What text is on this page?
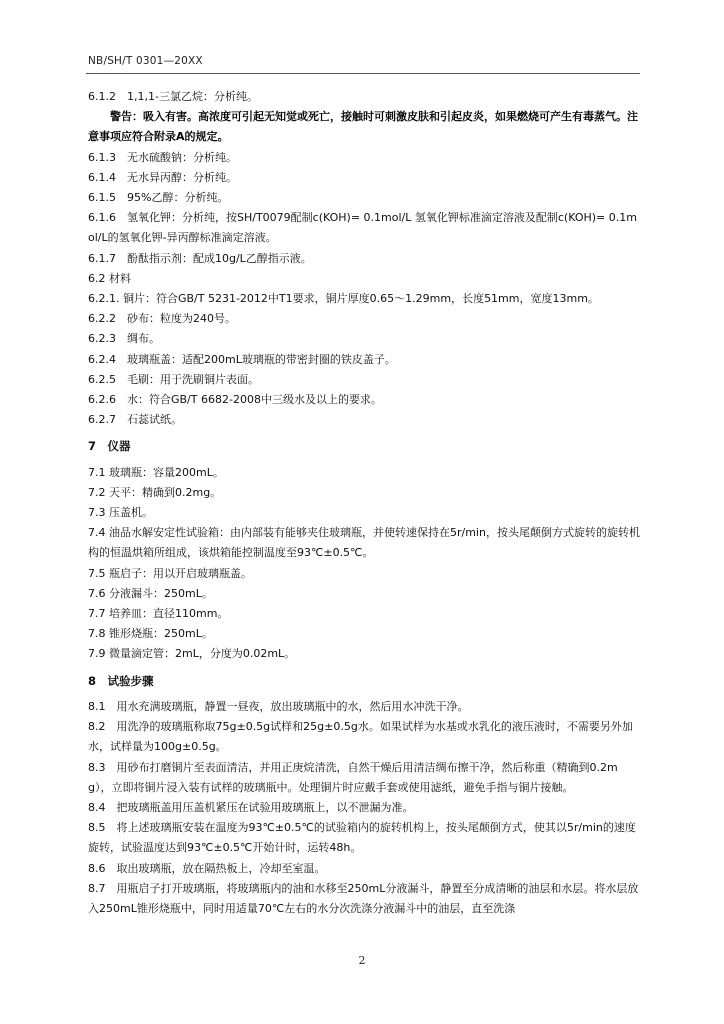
NB/SH/T 0301—20XX

6.1.2　1,1,1-三氯乙烷：分析纯。

警告：吸入有害。高浓度可引起无知觉或死亡，接触时可刺激皮肤和引起皮炎，如果燃烧可产生有毒蒸气。注意事项应符合附录A的规定。

6.1.3　无水硫酸钠：分析纯。

6.1.4　无水异丙醇：分析纯。

6.1.5　95%乙醇：分析纯。

6.1.6　氢氧化钾：分析纯，按SH/T0079配制c(KOH)= 0.1mol/L 氢氧化钾标准滴定溶液及配制c(KOH)= 0.1mol/L的氢氧化钾-异丙醇标准滴定溶液。

6.1.7　酚酞指示剂：配成10g/L乙醇指示液。

6.2 材料

6.2.1. 铜片：符合GB/T 5231-2012中T1要求，铜片厚度0.65～1.29mm，长度51mm，宽度13mm。

6.2.2　砂布：粒度为240号。

6.2.3　绸布。

6.2.4　玻璃瓶盖：适配200mL玻璃瓶的带密封圈的铁皮盖子。

6.2.5　毛刷：用于洗刷铜片表面。

6.2.6　水：符合GB/T 6682-2008中三级水及以上的要求。

6.2.7　石蕊试纸。

7　仪器

7.1 玻璃瓶：容量200mL。

7.2 天平：精确到0.2mg。

7.3 压盖机。

7.4 油品水解安定性试验箱：由内部装有能够夹住玻璃瓶，并使转速保持在5r/min，按头尾颠倒方式旋转的旋转机构的恒温烘箱所组成，该烘箱能控制温度至93℃±0.5℃。

7.5 瓶启子：用以开启玻璃瓶盖。

7.6 分液漏斗：250mL。

7.7 培养皿：直径110mm。

7.8 锥形烧瓶：250mL。

7.9 微量滴定管：2mL，分度为0.02mL。

8　试验步骤

8.1　用水充满玻璃瓶，静置一昼夜，放出玻璃瓶中的水，然后用水冲洗干净。

8.2　用洗净的玻璃瓶称取75g±0.5g试样和25g±0.5g水。如果试样为水基或水乳化的液压液时，不需要另外加水，试样量为100g±0.5g。

8.3　用砂布打磨铜片至表面清洁，并用正庚烷清洗，自然干燥后用清洁绸布擦干净，然后称重（精确到0.2mg），立即将铜片浸入装有试样的玻璃瓶中。处理铜片时应戴手套或使用滤纸，避免手指与铜片接触。

8.4　把玻璃瓶盖用压盖机紧压在试验用玻璃瓶上，以不泄漏为准。

8.5　将上述玻璃瓶安装在温度为93℃±0.5℃的试验箱内的旋转机构上，按头尾颠倒方式，使其以5r/min的速度旋转，试验温度达到93℃±0.5℃开始计时，运转48h。

8.6　取出玻璃瓶，放在隔热板上，冷却至室温。

8.7　用瓶启子打开玻璃瓶，将玻璃瓶内的油和水移至250mL分液漏斗，静置至分成清晰的油层和水层。将水层放入250mL锥形烧瓶中，同时用适量70℃左右的水分次洗涤分液漏斗中的油层，直至洗涤

2
